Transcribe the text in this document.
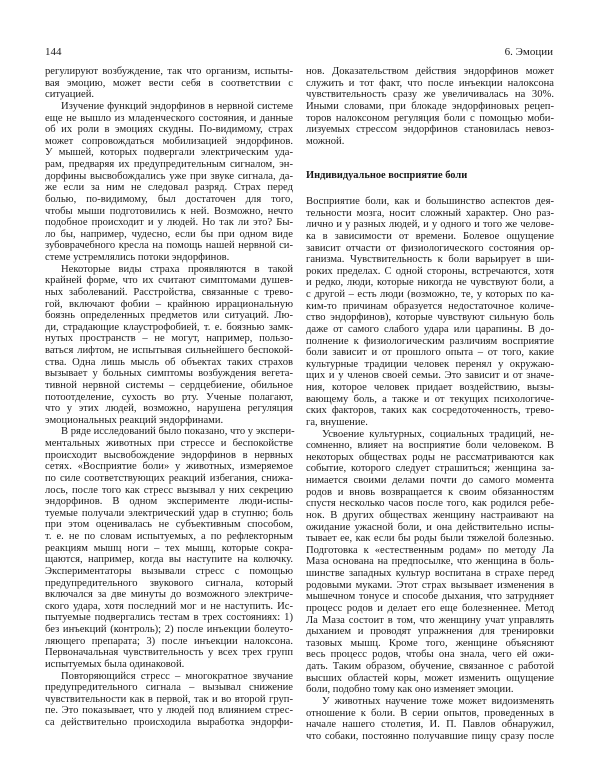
144	6. Эмоции

регулируют возбуждение, так что организм, испыты-
вая эмоцию, может вести себя в соответствии с
ситуацией.

Изучение функций эндорфинов в нервной системе
еще не вышло из младенческого состояния, и данные
об их роли в эмоциях скудны. По-видимому, страх
может сопровождаться мобилизацией эндорфинов.
У мышей, которых подвергали электрическим уда-
рам, предваряя их предупредительным сигналом, эн-
дорфины высвобождались уже при звуке сигнала, да-
же если за ним не следовал разряд. Страх перед
болью, по-видимому, был достаточен для того,
чтобы мыши подготовились к ней. Возможно, нечто
подобное происходит и у людей. Но так ли это? Бы-
ло бы, например, чудесно, если бы при одном виде
зубоврачебного кресла на помощь нашей нервной си-
стеме устремлялись потоки эндорфинов.

Некоторые виды страха проявляются в такой
крайней форме, что их считают симптомами душев-
ных заболеваний. Расстройства, связанные с трево-
гой, включают фобии – крайнюю иррациональную
боязнь определенных предметов или ситуаций. Лю-
ди, страдающие клаустрофобией, т. е. боязнью замк-
нутых пространств – не могут, например, пользо-
ваться лифтом, не испытывая сильнейшего беспокой-
ства. Одна лишь мысль об объектах таких страхов
вызывает у больных симптомы возбуждения вегета-
тивной нервной системы – сердцебиение, обильное
потоотделение, сухость во рту. Ученые полагают,
что у этих людей, возможно, нарушена регуляция
эмоциональных реакций эндорфинами.

В ряде исследований было показано, что у экспери-
ментальных животных при стрессе и беспокойстве
происходит высвобождение эндорфинов в нервных
сетях. «Восприятие боли» у животных, измеряемое
по силе соответствующих реакций избегания, снижа-
лось, после того как стресс вызывал у них секрецию
эндорфинов. В одном эксперименте люди-испы-
туемые получали электрический удар в ступню; боль
при этом оценивалась не субъективным способом,
т. е. не по словам испытуемых, а по рефлекторным
реакциям мышц ноги – тех мышц, которые сокра-
щаются, например, когда вы наступите на колючку.
Экспериментаторы вызывали стресс с помощью
предупредительного звукового сигнала, который
включался за две минуты до возможного электриче-
ского удара, хотя последний мог и не наступить. Ис-
пытуемые подвергались тестам в трех состояниях: 1)
без инъекций (контроль); 2) после инъекции болеуто-
ляющего препарата; 3) после инъекции налоксона.
Первоначальная чувствительность у всех трех групп
испытуемых была одинаковой.

Повторяющийся стресс – многократное звучание
предупредительного сигнала – вызывал снижение
чувствительности как в первой, так и во второй груп-
пе. Это показывает, что у людей под влиянием стрес-
са действительно происходила выработка эндорфи-

нов. Доказательством действия эндорфинов может
служить и тот факт, что после инъекции налоксона
чувствительность сразу же увеличивалась на 30%.
Иными словами, при блокаде эндорфиновых рецеп-
торов налоксоном регуляция боли с помощью моби-
лизуемых стрессом эндорфинов становилась невоз-
можной.

Индивидуальное восприятие боли

Восприятие боли, как и большинство аспектов дея-
тельности мозга, носит сложный характер. Оно раз-
лично и у разных людей, и у одного и того же челове-
ка в зависимости от времени. Болевое ощущение
зависит отчасти от физиологического состояния ор-
ганизма. Чувствительность к боли варьирует в ши-
роких пределах. С одной стороны, встречаются, хотя
и редко, люди, которые никогда не чувствуют боли, а
с другой – есть люди (возможно, те, у которых по ка-
ким-то причинам образуется недостаточное количе-
ство эндорфинов), которые чувствуют сильную боль
даже от самого слабого удара или царапины. В до-
полнение к физиологическим различиям восприятие
боли зависит и от прошлого опыта – от того, какие
культурные традиции человек перенял у окружаю-
щих и у членов своей семьи. Это зависит и от значе-
ния, которое человек придает воздействию, вызы-
вающему боль, а также и от текущих психологиче-
ских факторов, таких как сосредоточенность, трево-
га, внушение.

Усвоение культурных, социальных традиций, не-
сомненно, влияет на восприятие боли человеком. В
некоторых обществах роды не рассматриваются как
событие, которого следует страшиться; женщина за-
нимается своими делами почти до самого момента
родов и вновь возвращается к своим обязанностям
спустя несколько часов после того, как родился ребе-
нок. В других обществах женщину настраивают на
ожидание ужасной боли, и она действительно испы-
тывает ее, как если бы роды были тяжелой болезнью.
Подготовка к «естественным родам» по методу Ла
Маза основана на предпосылке, что женщина в боль-
шинстве западных культур воспитана в страхе перед
родовыми муками. Этот страх вызывает изменения в
мышечном тонусе и способе дыхания, что затрудняет
процесс родов и делает его еще болезненнее. Метод
Ла Маза состоит в том, что женщину учат управлять
дыханием и проводят упражнения для тренировки
тазовых мышц. Кроме того, женщине объясняют
весь процесс родов, чтобы она знала, чего ей ожи-
дать. Таким образом, обучение, связанное с работой
высших областей коры, может изменить ощущение
боли, подобно тому как оно изменяет эмоции.

У животных научение тоже может видоизменять
отношение к боли. В серии опытов, проведенных в
начале нашего столетия, И. П. Павлов обнаружил,
что собаки, постоянно получавшие пищу сразу после
